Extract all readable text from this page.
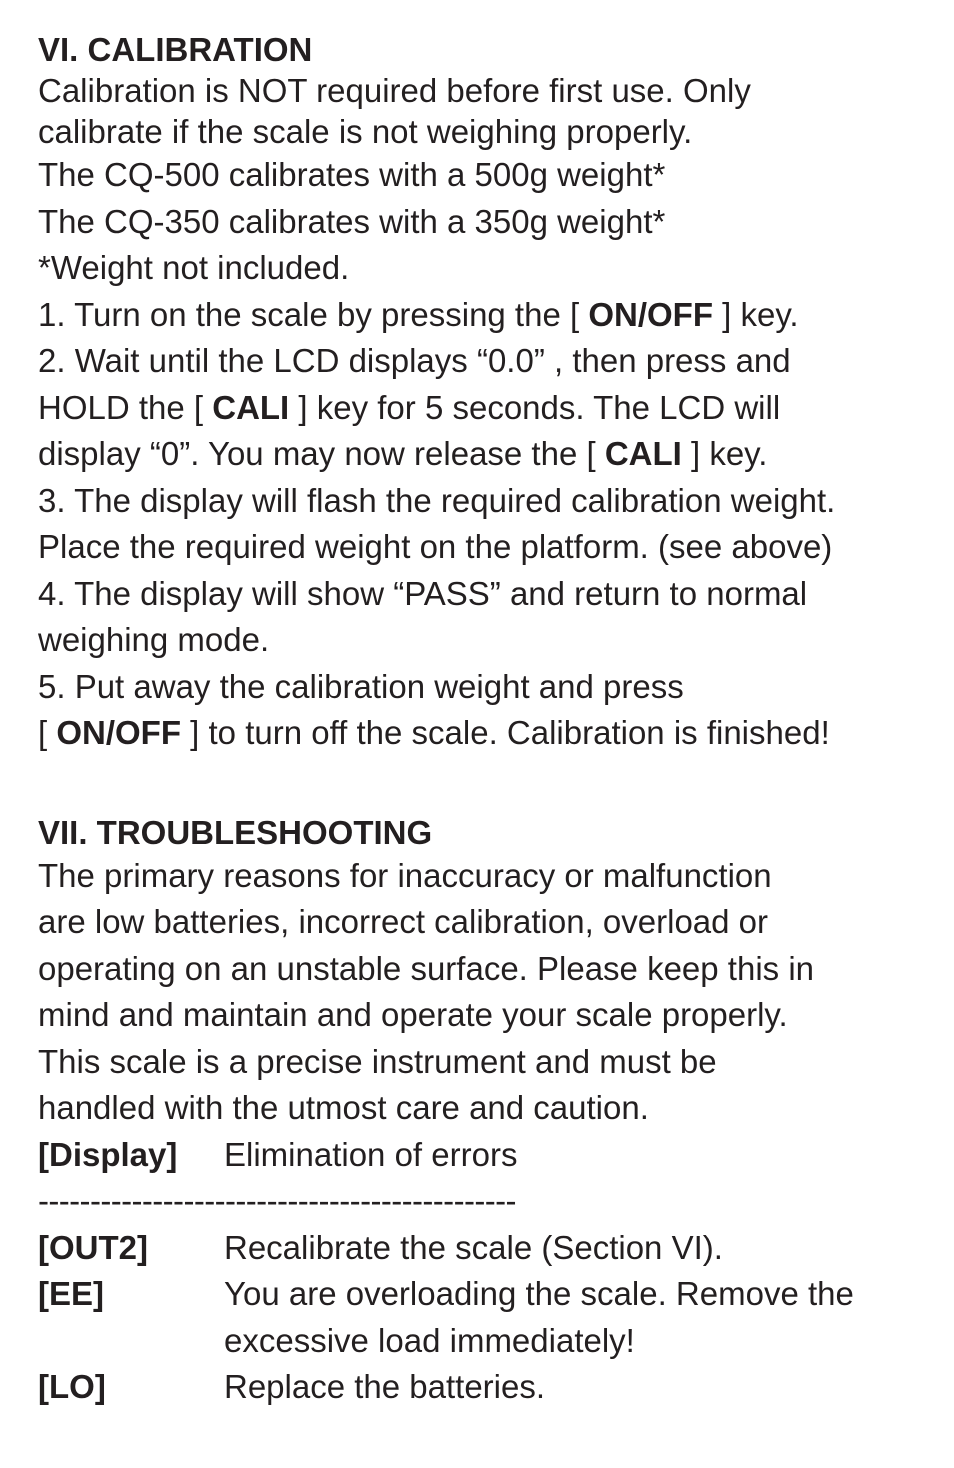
VI. CALIBRATION
Calibration is NOT required before first use. Only
calibrate if the scale is not weighing properly.
The CQ-500 calibrates with a 500g weight*
The CQ-350 calibrates with a 350g weight*
*Weight not included.
1. Turn on the scale by pressing the [ ON/OFF ] key.
2. Wait until the LCD displays “0.0” , then press and
HOLD the [ CALI ] key for 5 seconds. The LCD will
display “0”. You may now release the [ CALI ] key.
3. The display will flash the required calibration weight.
Place the required weight on the platform. (see above)
4. The display will show “PASS” and return to normal
weighing mode.
5. Put away the calibration weight and press
[ ON/OFF ] to turn off the scale. Calibration is finished!
VII. TROUBLESHOOTING
The primary reasons for inaccuracy or malfunction
are low batteries, incorrect calibration, overload or
operating on an unstable surface. Please keep this in
mind and maintain and operate your scale properly.
This scale is a precise instrument and must be
handled with the utmost care and caution.
[Display]	Elimination of errors
----------------------------------------------
[OUT2]	Recalibrate the scale (Section VI).
[EE]	You are overloading the scale. Remove the
excessive load immediately!
[LO]	Replace the batteries.
